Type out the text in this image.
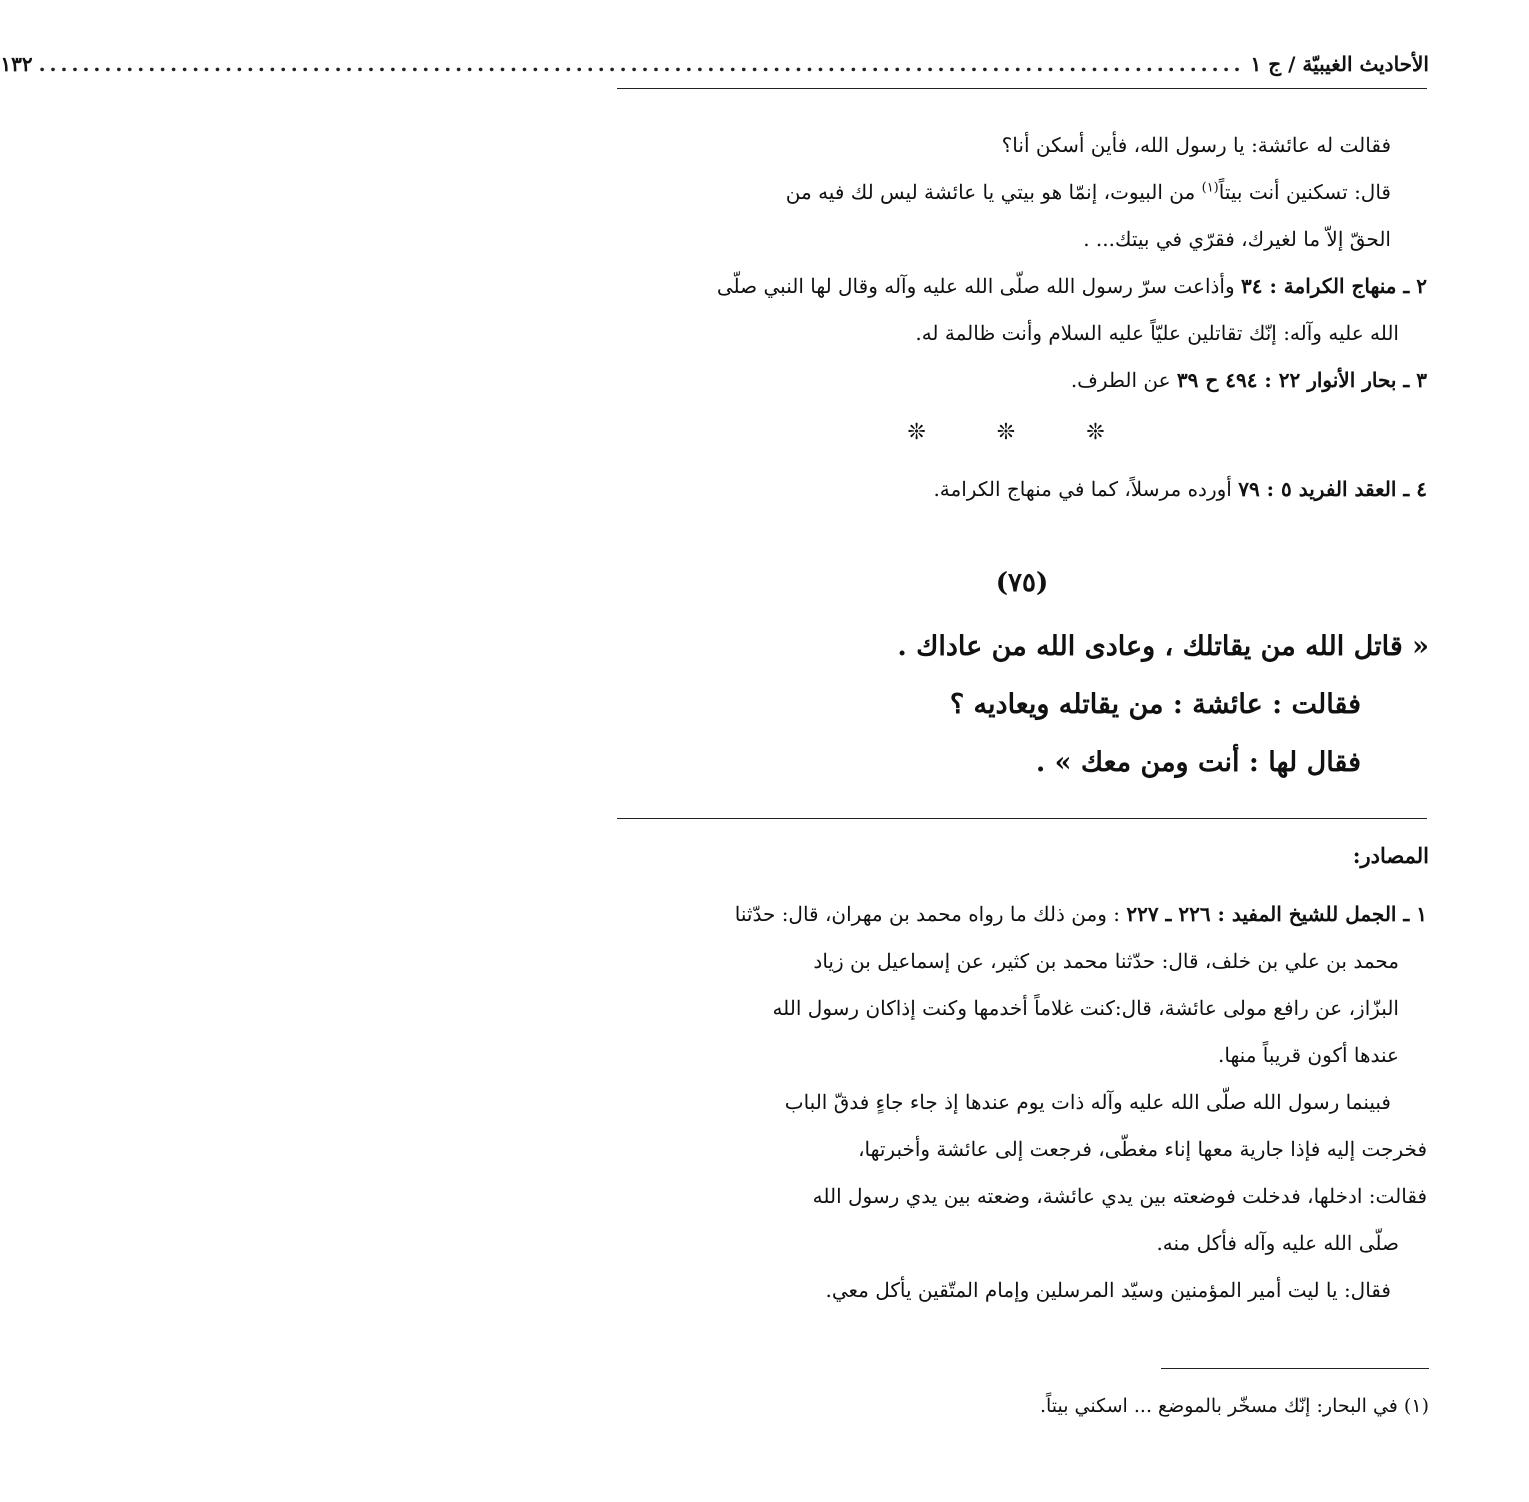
الأحاديث الغيبيّة / ج ١
..............................................................................................................
١٣٢
فقالت له عائشة: يا رسول الله، فأين أسكن أنا؟
قال: تسكنين أنت بيتاً$^{(١)}$ من البيوت، إنمّا هو بيتي يا عائشة ليس لك فيه من
الحقّ إلاّ ما لغيرك، فقرّي في بيتك... .
٢ ـ منهاج الكرامة : ٣٤ وأذاعت سرّ رسول الله صلّى الله عليه وآله وقال لها النبي صلّى
الله عليه وآله: إنّك تقاتلين عليّاً عليه السلام وأنت ظالمة له.
٣ ـ بحار الأنوار ٢٢ : ٤٩٤ ح ٣٩ عن الطرف.
❊ ❊ ❊
٤ ـ العقد الفريد ٥ : ٧٩ أورده مرسلاً، كما في منهاج الكرامة.
(٧٥)
« قاتل الله من يقاتلك ، وعادى الله من عاداك .
فقالت : عائشة : من يقاتله ويعاديه ؟
فقال لها : أنت ومن معك » .
المصادر:
١ ـ الجمل للشيخ المفيد : ٢٢٦ ـ ٢٢٧ : ومن ذلك ما رواه محمد بن مهران، قال: حدّثنا
محمد بن علي بن خلف، قال: حدّثنا محمد بن كثير، عن إسماعيل بن زياد
البزّاز، عن رافع مولى عائشة، قال:كنت غلاماً أخدمها وكنت إذاكان رسول الله
عندها أكون قريباً منها.
فبينما رسول الله صلّى الله عليه وآله ذات يوم عندها إذ جاء جاءٍ فدقّ الباب
فخرجت إليه فإذا جارية معها إناء مغطّى، فرجعت إلى عائشة وأخبرتها،
فقالت: ادخلها، فدخلت فوضعته بين يدي عائشة، وضعته بين يدي رسول الله
صلّى الله عليه وآله فأكل منه.
فقال: يا ليت أمير المؤمنين وسيّد المرسلين وإمام المتّقين يأكل معي.
(١) في البحار: إنّك مسخّر بالموضع ... اسكني بيتاً.
